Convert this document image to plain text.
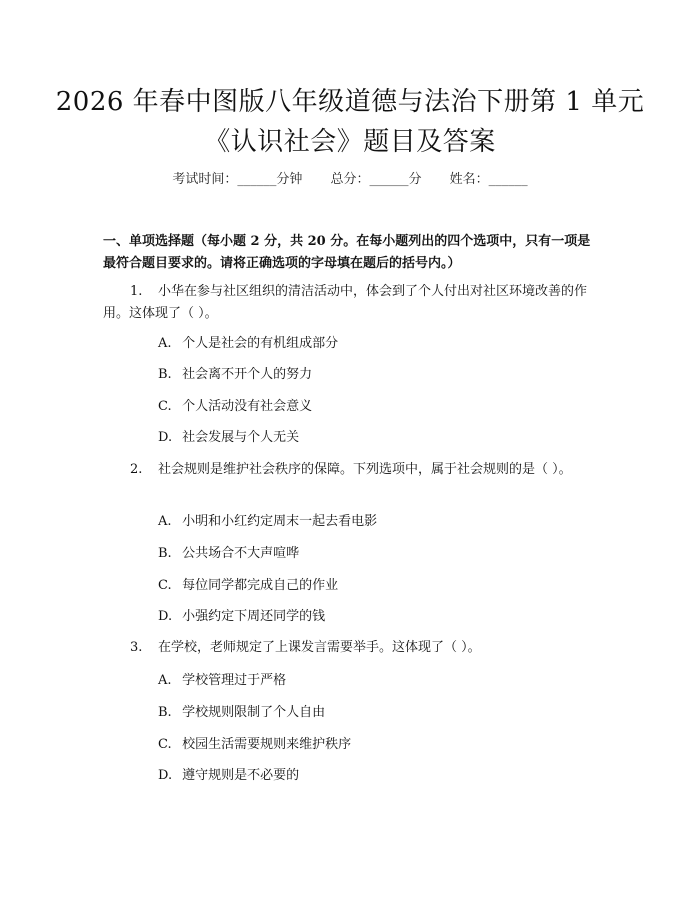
2026 年春中图版八年级道德与法治下册第 1 单元《认识社会》题目及答案
考试时间：______分钟 总分：______分 姓名：______
一、单项选择题（每小题 2 分，共 20 分。在每小题列出的四个选项中，只有一项是最符合题目要求的。请将正确选项的字母填在题后的括号内。）
1. 小华在参与社区组织的清洁活动中，体会到了个人付出对社区环境改善的作用。这体现了（ ）。
A. 个人是社会的有机组成部分
B. 社会离不开个人的努力
C. 个人活动没有社会意义
D. 社会发展与个人无关
2. 社会规则是维护社会秩序的保障。下列选项中，属于社会规则的是（ ）。
A. 小明和小红约定周末一起去看电影
B. 公共场合不大声喧哗
C. 每位同学都完成自己的作业
D. 小强约定下周还同学的钱
3. 在学校，老师规定了上课发言需要举手。这体现了（ ）。
A. 学校管理过于严格
B. 学校规则限制了个人自由
C. 校园生活需要规则来维护秩序
D. 遵守规则是不必要的
